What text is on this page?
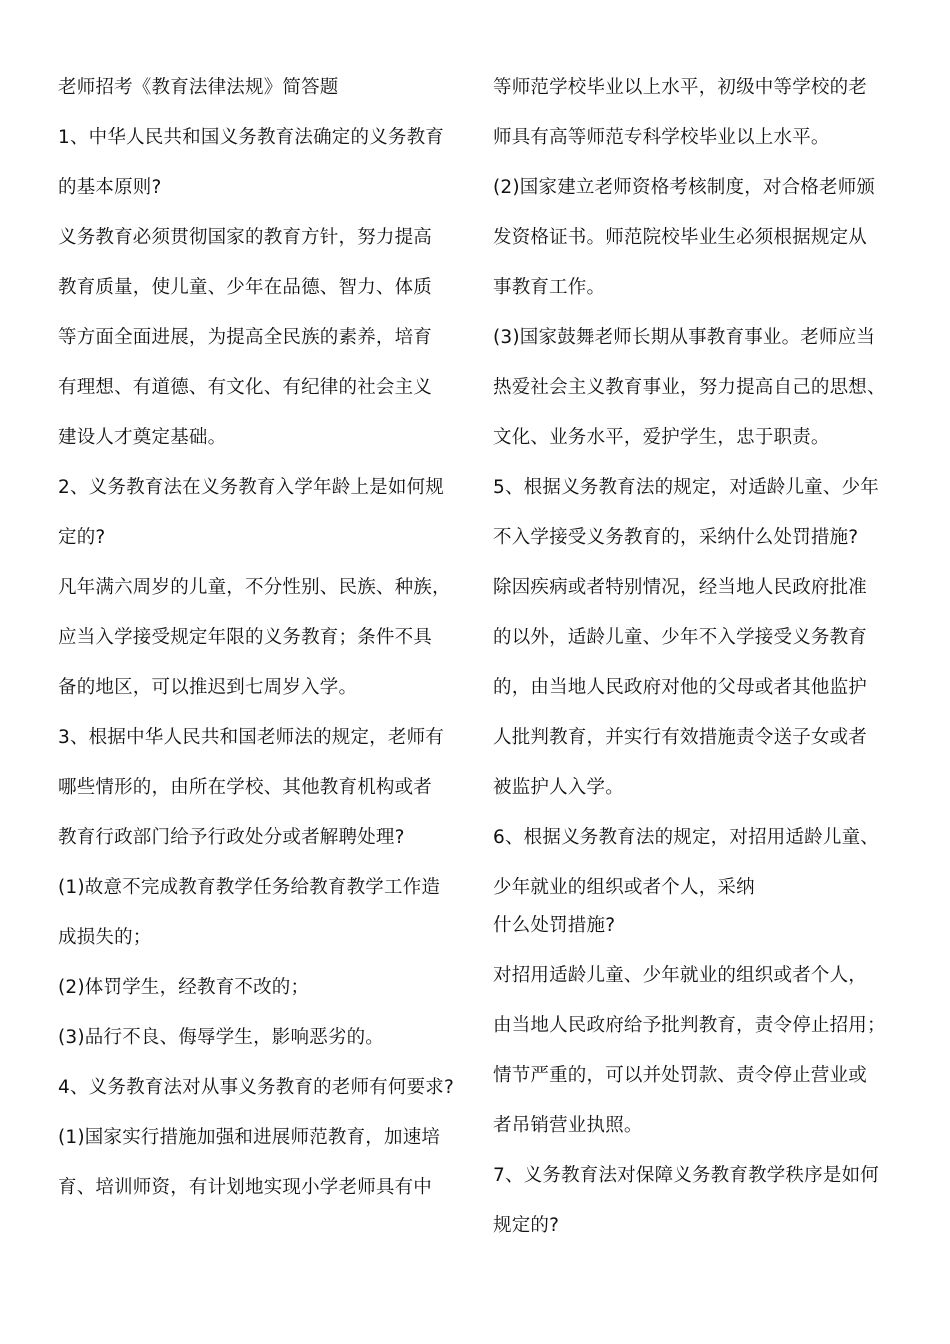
老师招考《教育法律法规》简答题
1、中华人民共和国义务教育法确定的义务教育
的基本原则?
义务教育必须贯彻国家的教育方针，努力提高
教育质量，使儿童、少年在品德、智力、体质
等方面全面进展，为提高全民族的素养，培育
有理想、有道德、有文化、有纪律的社会主义
建设人才奠定基础。
2、义务教育法在义务教育入学年龄上是如何规
定的?
凡年满六周岁的儿童，不分性别、民族、种族，
应当入学接受规定年限的义务教育；条件不具
备的地区，可以推迟到七周岁入学。
3、根据中华人民共和国老师法的规定，老师有
哪些情形的，由所在学校、其他教育机构或者
教育行政部门给予行政处分或者解聘处理?
(1)故意不完成教育教学任务给教育教学工作造
成损失的；
(2)体罚学生，经教育不改的；
(3)品行不良、侮辱学生，影响恶劣的。
4、义务教育法对从事义务教育的老师有何要求?
(1)国家实行措施加强和进展师范教育，加速培
育、培训师资，有计划地实现小学老师具有中
等师范学校毕业以上水平，初级中等学校的老
师具有高等师范专科学校毕业以上水平。
(2)国家建立老师资格考核制度，对合格老师颁
发资格证书。师范院校毕业生必须根据规定从
事教育工作。
(3)国家鼓舞老师长期从事教育事业。老师应当
热爱社会主义教育事业，努力提高自己的思想、
文化、业务水平，爱护学生，忠于职责。
5、根据义务教育法的规定，对适龄儿童、少年
不入学接受义务教育的，采纳什么处罚措施?
除因疾病或者特别情况，经当地人民政府批准
的以外，适龄儿童、少年不入学接受义务教育
的，由当地人民政府对他的父母或者其他监护
人批判教育，并实行有效措施责令送子女或者
被监护人入学。
6、根据义务教育法的规定，对招用适龄儿童、
少年就业的组织或者个人，采纳
什么处罚措施?
对招用适龄儿童、少年就业的组织或者个人，
由当地人民政府给予批判教育，责令停止招用；
情节严重的，可以并处罚款、责令停止营业或
者吊销营业执照。
7、义务教育法对保障义务教育教学秩序是如何
规定的?
